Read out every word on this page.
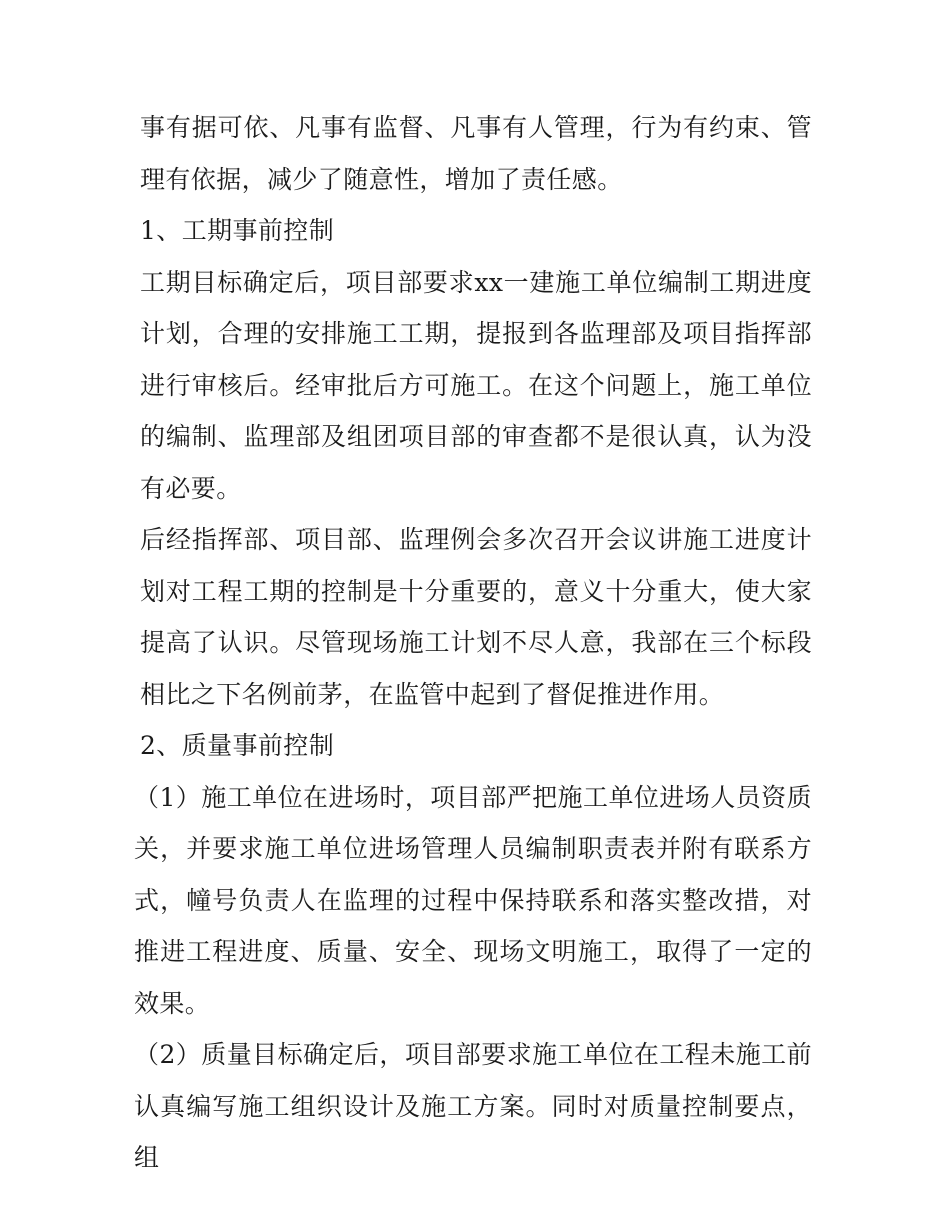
事有据可依、凡事有监督、凡事有人管理，行为有约束、管理有依据，减少了随意性，增加了责任感。

1、工期事前控制

工期目标确定后，项目部要求xx一建施工单位编制工期进度计划，合理的安排施工工期，提报到各监理部及项目指挥部进行审核后。经审批后方可施工。在这个问题上，施工单位的编制、监理部及组团项目部的审查都不是很认真，认为没有必要。

后经指挥部、项目部、监理例会多次召开会议讲施工进度计划对工程工期的控制是十分重要的，意义十分重大，使大家提高了认识。尽管现场施工计划不尽人意，我部在三个标段相比之下名例前茅，在监管中起到了督促推进作用。

2、质量事前控制

（1）施工单位在进场时，项目部严把施工单位进场人员资质关，并要求施工单位进场管理人员编制职责表并附有联系方式，幢号负责人在监理的过程中保持联系和落实整改措，对推进工程进度、质量、安全、现场文明施工，取得了一定的效果。

（2）质量目标确定后，项目部要求施工单位在工程未施工前认真编写施工组织设计及施工方案。同时对质量控制要点，组
